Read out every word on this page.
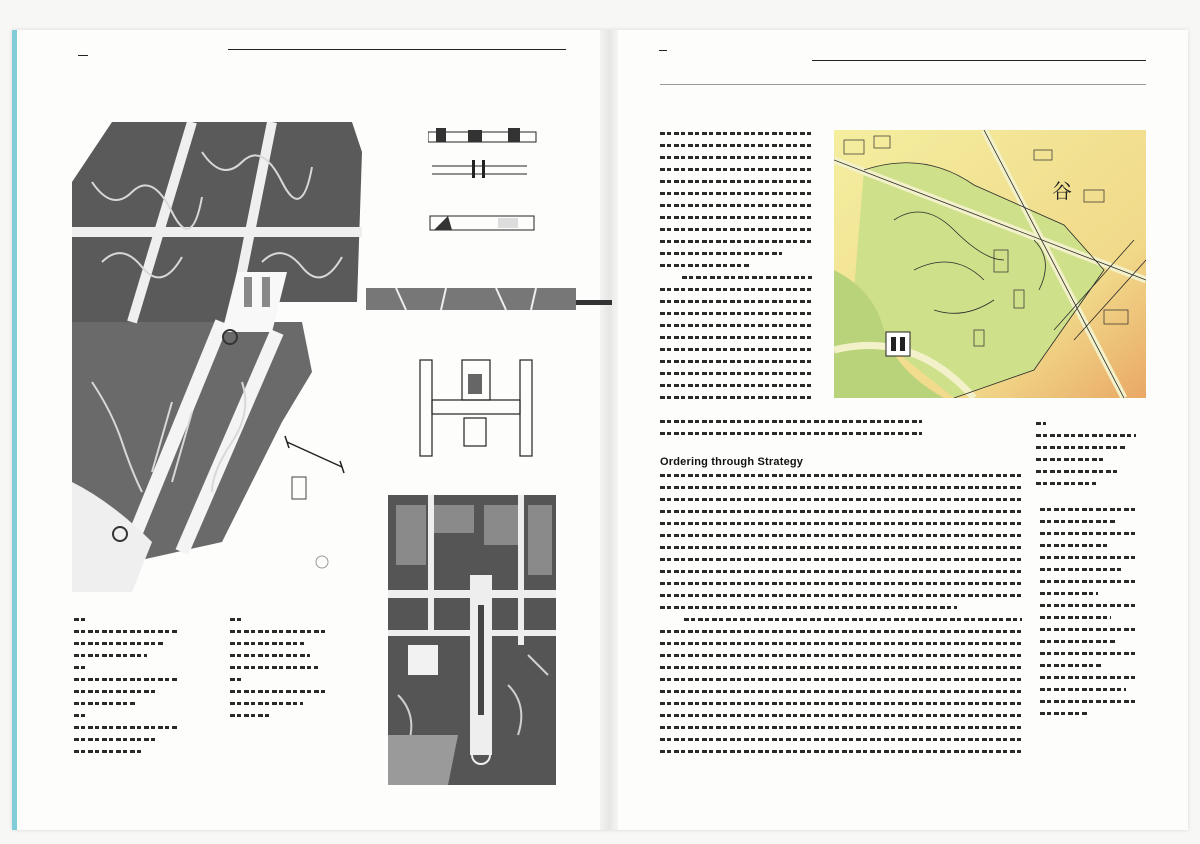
谷
Ordering through Strategy
